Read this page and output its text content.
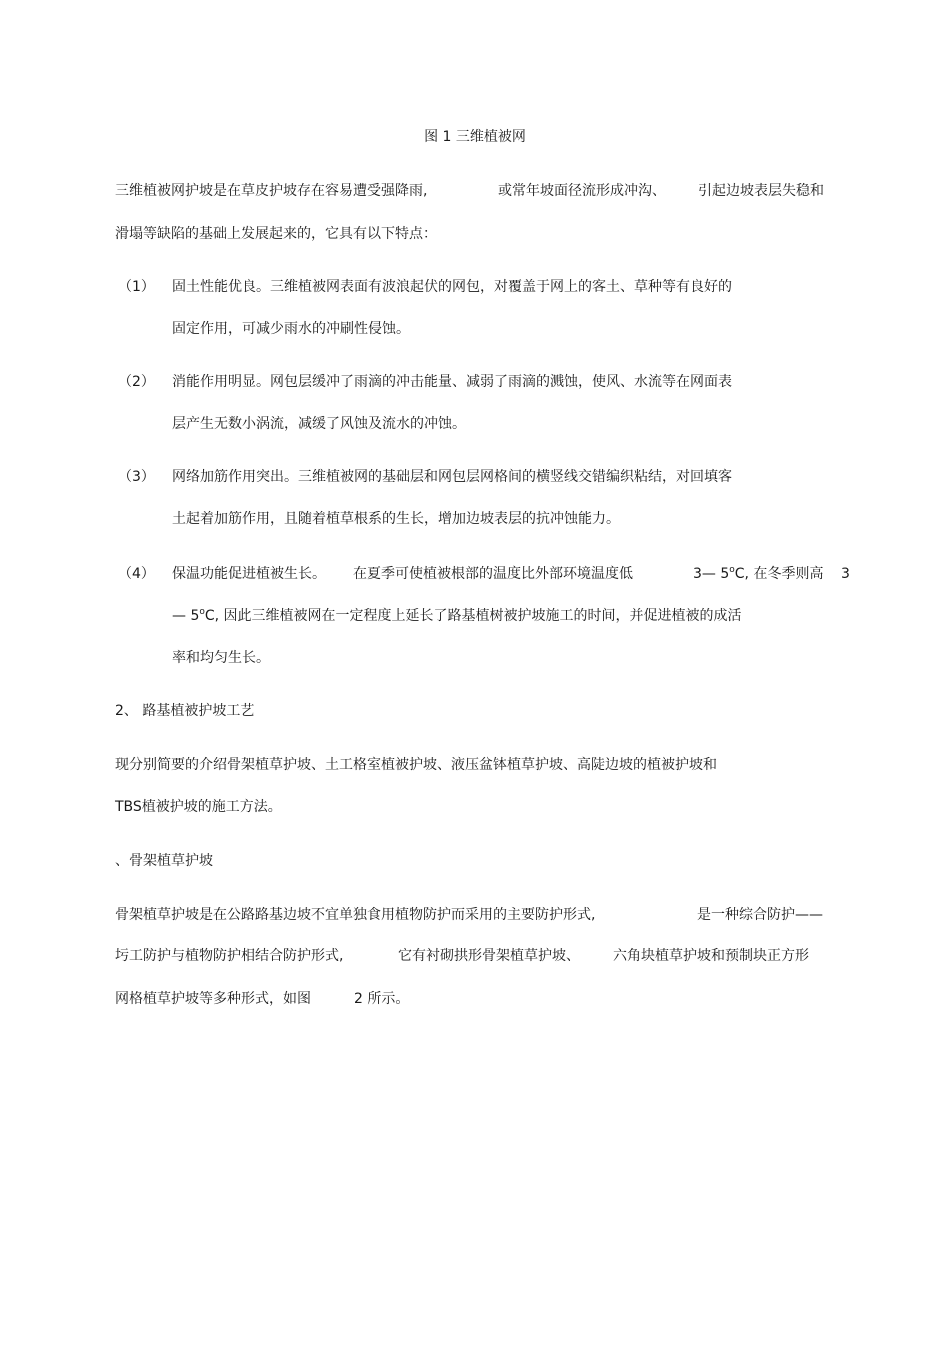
图 1 三维植被网
三维植被网护坡是在草皮护坡存在容易遭受强降雨,	或常年坡面径流形成冲沟、 引起边坡表层失稳和
滑塌等缺陷的基础上发展起来的，它具有以下特点：
（1） 固土性能优良。三维植被网表面有波浪起伏的网包，对覆盖于网上的客土、草种等有良好的
固定作用，可减少雨水的冲刷性侵蚀。
（2） 消能作用明显。网包层缓冲了雨滴的冲击能量、减弱了雨滴的溅蚀，使风、水流等在网面表
层产生无数小涡流，减缓了风蚀及流水的冲蚀。
（3） 网络加筋作用突出。三维植被网的基础层和网包层网格间的横竖线交错编织粘结，对回填客
土起着加筋作用，且随着植草根系的生长，增加边坡表层的抗冲蚀能力。
（4） 保温功能促进植被生长。 在夏季可使植被根部的温度比外部环境温度低	3— 5$^o$C, 在冬季则高 3
— 5$^o$C, 因此三维植被网在一定程度上延长了路基植树被护坡施工的时间，并促进植被的成活
率和均匀生长。
2、 路基植被护坡工艺
现分别简要的介绍骨架植草护坡、土工格室植被护坡、液压盆钵植草护坡、高陡边坡的植被护坡和
TBS植被护坡的施工方法。
、骨架植草护坡
骨架植草护坡是在公路路基边坡不宜单独食用植物防护而采用的主要防护形式,	是一种综合防护——
圬工防护与植物防护相结合防护形式,	它有衬砌拱形骨架植草护坡、 六角块植草护坡和预制块正方形
网格植草护坡等多种形式，如图	2 所示。
